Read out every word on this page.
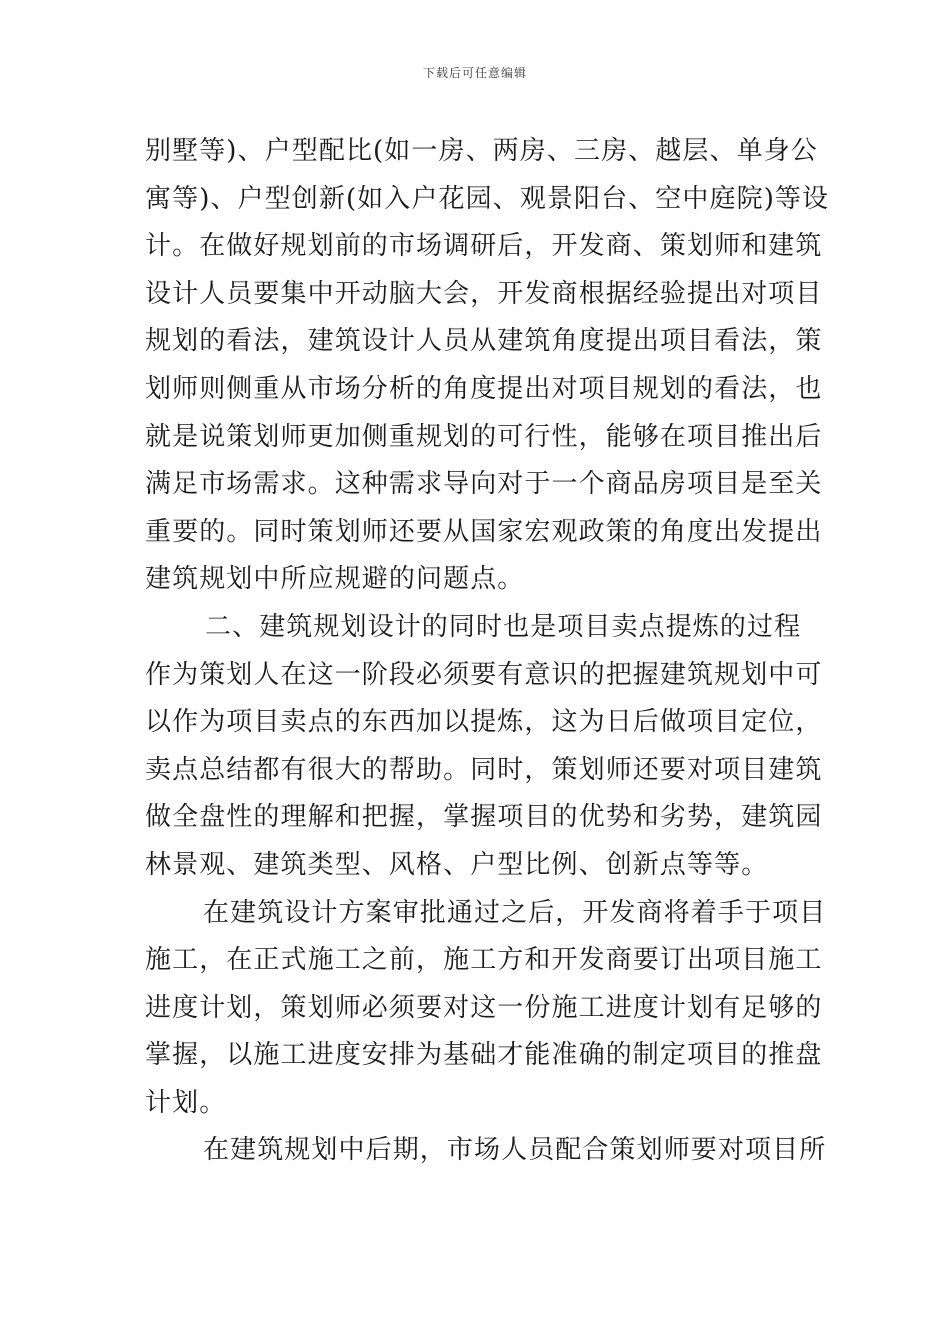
下载后可任意编辑
别墅等)、户型配比(如一房、两房、三房、越层、单身公
寓等)、户型创新(如入户花园、观景阳台、空中庭院)等设
计。在做好规划前的市场调研后，开发商、策划师和建筑
设计人员要集中开动脑大会，开发商根据经验提出对项目
规划的看法，建筑设计人员从建筑角度提出项目看法，策
划师则侧重从市场分析的角度提出对项目规划的看法，也
就是说策划师更加侧重规划的可行性，能够在项目推出后
满足市场需求。这种需求导向对于一个商品房项目是至关
重要的。同时策划师还要从国家宏观政策的角度出发提出
建筑规划中所应规避的问题点。
二、建筑规划设计的同时也是项目卖点提炼的过程
作为策划人在这一阶段必须要有意识的把握建筑规划中可
以作为项目卖点的东西加以提炼，这为日后做项目定位，
卖点总结都有很大的帮助。同时，策划师还要对项目建筑
做全盘性的理解和把握，掌握项目的优势和劣势，建筑园
林景观、建筑类型、风格、户型比例、创新点等等。
在建筑设计方案审批通过之后，开发商将着手于项目
施工，在正式施工之前，施工方和开发商要订出项目施工
进度计划，策划师必须要对这一份施工进度计划有足够的
掌握，以施工进度安排为基础才能准确的制定项目的推盘
计划。
在建筑规划中后期，市场人员配合策划师要对项目所
